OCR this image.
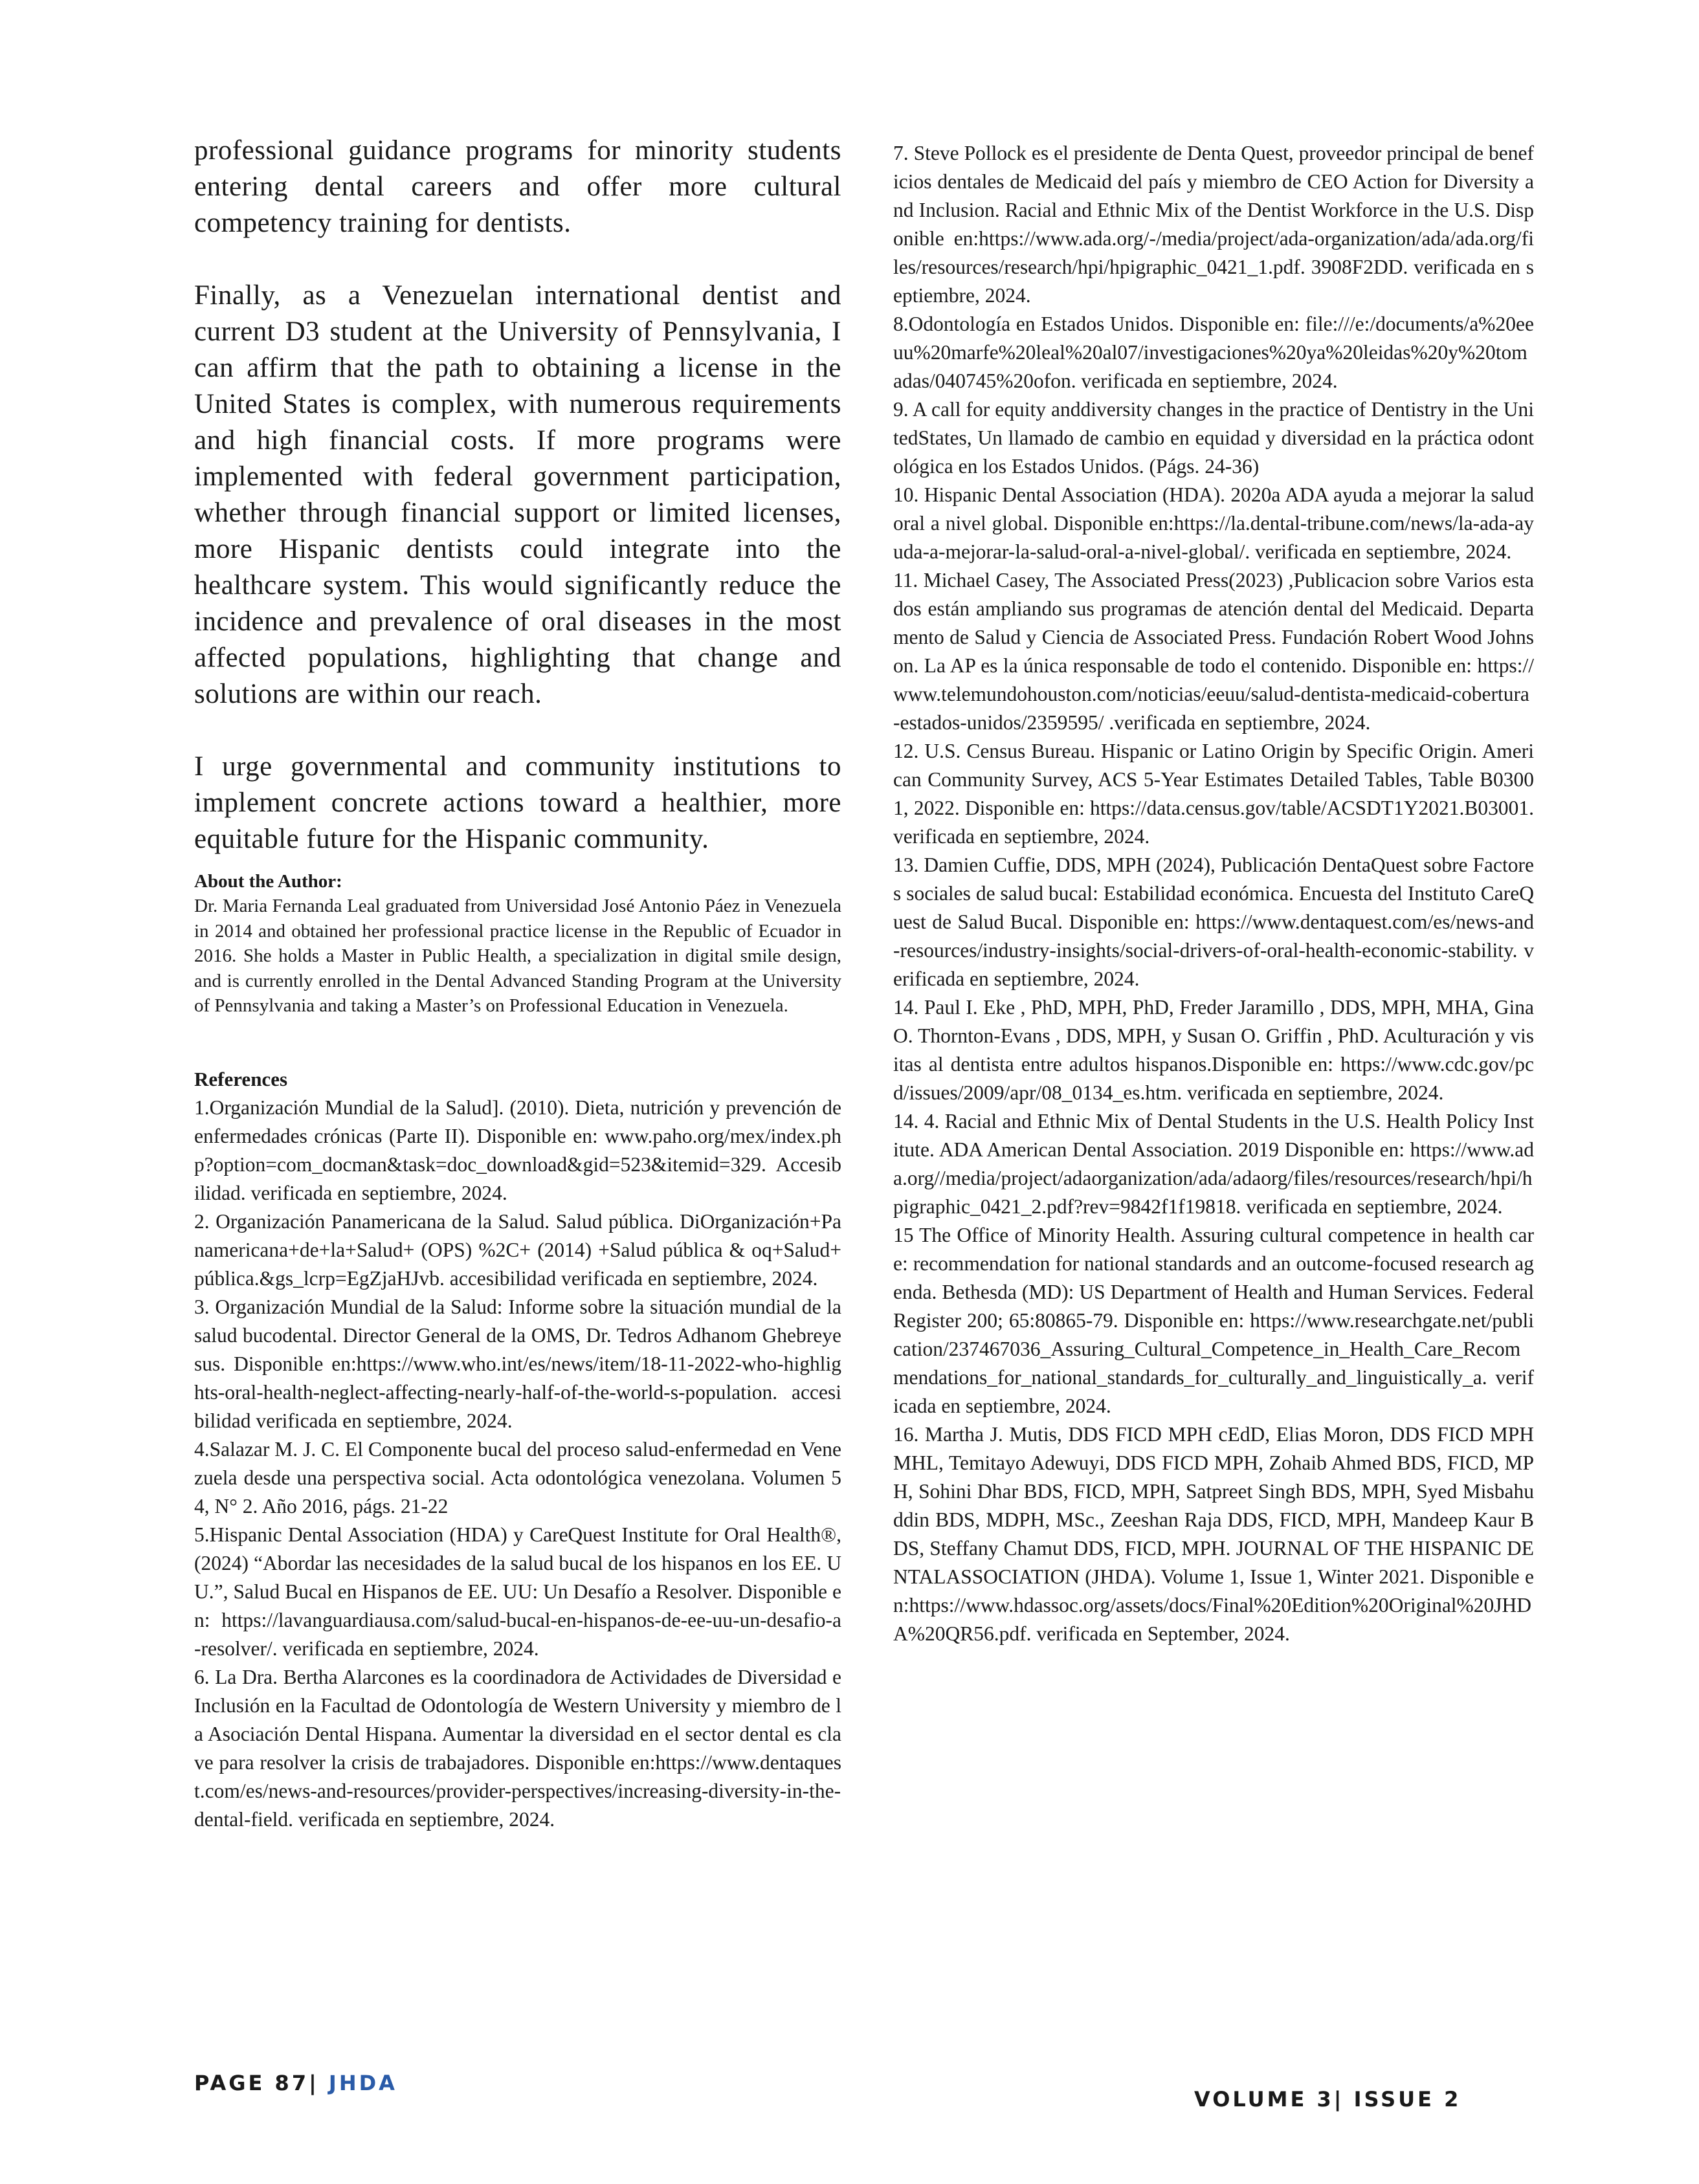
professional guidance programs for minority students entering dental careers and offer more cultural competency training for dentists.

Finally, as a Venezuelan international dentist and current D3 student at the University of Pennsylvania, I can affirm that the path to obtaining a license in the United States is complex, with numerous requirements and high financial costs. If more programs were implemented with federal government participation, whether through financial support or limited licenses, more Hispanic dentists could integrate into the healthcare system. This would significantly reduce the incidence and prevalence of oral diseases in the most affected populations, highlighting that change and solutions are within our reach.

I urge governmental and community institutions to implement concrete actions toward a healthier, more equitable future for the Hispanic community.

About the Author:

Dr. Maria Fernanda Leal graduated from Universidad José Antonio Páez in Venezuela in 2014 and obtained her professional practice license in the Republic of Ecuador in 2016. She holds a Master in Public Health, a specialization in digital smile design, and is currently enrolled in the Dental Advanced Standing Program at the University of Pennsylvania and taking a Master’s on Professional Education in Venezuela.

References

1.Organización Mundial de la Salud]. (2010). Dieta, nutrición y prevención de enfermedades crónicas (Parte II). Disponible en: www.paho.org/mex/index.php?option=com_docman&task=doc_download&gid=523&itemid=329. Accesibilidad. verificada en septiembre, 2024.

2. Organización Panamericana de la Salud. Salud pública. DiOrganización+Panamericana+de+la+Salud+ (OPS) %2C+ (2014) +Salud pública & oq+Salud+pública.&gs_lcrp=EgZjaHJvb. accesibilidad verificada en septiembre, 2024.

3. Organización Mundial de la Salud: Informe sobre la situación mundial de la salud bucodental. Director General de la OMS, Dr. Tedros Adhanom Ghebreyesus. Disponible en:https://www.who.int/es/news/item/18-11-2022-who-highlights-oral-health-neglect-affecting-nearly-half-of-the-world-s-population. accesibilidad verificada en septiembre, 2024.

4.Salazar M. J. C. El Componente bucal del proceso salud-enfermedad en Venezuela desde una perspectiva social. Acta odontológica venezolana. Volumen 54, N° 2. Año 2016, págs. 21-22

5.Hispanic Dental Association (HDA) y CareQuest Institute for Oral Health®, (2024) “Abordar las necesidades de la salud bucal de los hispanos en los EE. UU.”, Salud Bucal en Hispanos de EE. UU: Un Desafío a Resolver. Disponible en: https://lavanguardiausa.com/salud-bucal-en-hispanos-de-ee-uu-un-desafio-a-resolver/. verificada en septiembre, 2024.

6. La Dra. Bertha Alarcones es la coordinadora de Actividades de Diversidad e Inclusión en la Facultad de Odontología de Western University y miembro de la Asociación Dental Hispana. Aumentar la diversidad en el sector dental es clave para resolver la crisis de trabajadores. Disponible en:https://www.dentaquest.com/es/news-and-resources/provider-perspectives/increasing-diversity-in-the-dental-field. verificada en septiembre, 2024.

7. Steve Pollock es el presidente de Denta Quest, proveedor principal de beneficios dentales de Medicaid del país y miembro de CEO Action for Diversity and Inclusion. Racial and Ethnic Mix of the Dentist Workforce in the U.S. Disponible en:https://www.ada.org/-/media/project/ada-organization/ada/ada.org/files/resources/research/hpi/hpigraphic_0421_1.pdf. 3908F2DD. verificada en septiembre, 2024.

8.Odontología en Estados Unidos. Disponible en: file:///e:/documents/a%20eeuu%20marfe%20leal%20al07/investigaciones%20ya%20leidas%20y%20tomadas/040745%20ofon. verificada en septiembre, 2024.

9. A call for equity anddiversity changes in the practice of Dentistry in the UnitedStates, Un llamado de cambio en equidad y diversidad en la práctica odontológica en los Estados Unidos. (Págs. 24-36)

10. Hispanic Dental Association (HDA). 2020a ADA ayuda a mejorar la salud oral a nivel global. Disponible en:https://la.dental-tribune.com/news/la-ada-ayuda-a-mejorar-la-salud-oral-a-nivel-global/. verificada en septiembre, 2024.

11. Michael Casey, The Associated Press(2023) ,Publicacion sobre Varios estados están ampliando sus programas de atención dental del Medicaid. Departamento de Salud y Ciencia de Associated Press. Fundación Robert Wood Johnson. La AP es la única responsable de todo el contenido. Disponible en: https://www.telemundohouston.com/noticias/eeuu/salud-dentista-medicaid-cobertura-estados-unidos/2359595/ .verificada en septiembre, 2024.

12. U.S. Census Bureau. Hispanic or Latino Origin by Specific Origin. American Community Survey, ACS 5-Year Estimates Detailed Tables, Table B03001, 2022. Disponible en: https://data.census.gov/table/ACSDT1Y2021.B03001.verificada en septiembre, 2024.

13. Damien Cuffie, DDS, MPH (2024), Publicación DentaQuest sobre Factores sociales de salud bucal: Estabilidad económica. Encuesta del Instituto CareQuest de Salud Bucal. Disponible en: https://www.dentaquest.com/es/news-and-resources/industry-insights/social-drivers-of-oral-health-economic-stability. verificada en septiembre, 2024.

14. Paul I. Eke , PhD, MPH, PhD, Freder Jaramillo , DDS, MPH, MHA, Gina O. Thornton-Evans , DDS, MPH, y Susan O. Griffin , PhD. Aculturación y visitas al dentista entre adultos hispanos.Disponible en: https://www.cdc.gov/pcd/issues/2009/apr/08_0134_es.htm. verificada en septiembre, 2024.

14. 4. Racial and Ethnic Mix of Dental Students in the U.S. Health Policy Institute. ADA American Dental Association. 2019 Disponible en: https://www.ada.org//media/project/adaorganization/ada/adaorg/files/resources/research/hpi/hpigraphic_0421_2.pdf?rev=9842f1f19818. verificada en septiembre, 2024.

15 The Office of Minority Health. Assuring cultural competence in health care: recommendation for national standards and an outcome-focused research agenda. Bethesda (MD): US Department of Health and Human Services. Federal Register 200; 65:80865-79. Disponible en: https://www.researchgate.net/publication/237467036_Assuring_Cultural_Competence_in_Health_Care_Recommendations_for_national_standards_for_culturally_and_linguistically_a. verificada en septiembre, 2024.

16. Martha J. Mutis, DDS FICD MPH cEdD, Elias Moron, DDS FICD MPH MHL, Temitayo Adewuyi, DDS FICD MPH, Zohaib Ahmed BDS, FICD, MPH, Sohini Dhar BDS, FICD, MPH, Satpreet Singh BDS, MPH, Syed Misbahuddin BDS, MDPH, MSc., Zeeshan Raja DDS, FICD, MPH, Mandeep Kaur BDS, Steffany Chamut DDS, FICD, MPH. JOURNAL OF THE HISPANIC DENTALASSOCIATION (JHDA). Volume 1, Issue 1, Winter 2021. Disponible en:https://www.hdassoc.org/assets/docs/Final%20Edition%20Original%20JHDA%20QR56.pdf. verificada en September, 2024.

PAGE 87| JHDA
VOLUME 3| ISSUE 2
